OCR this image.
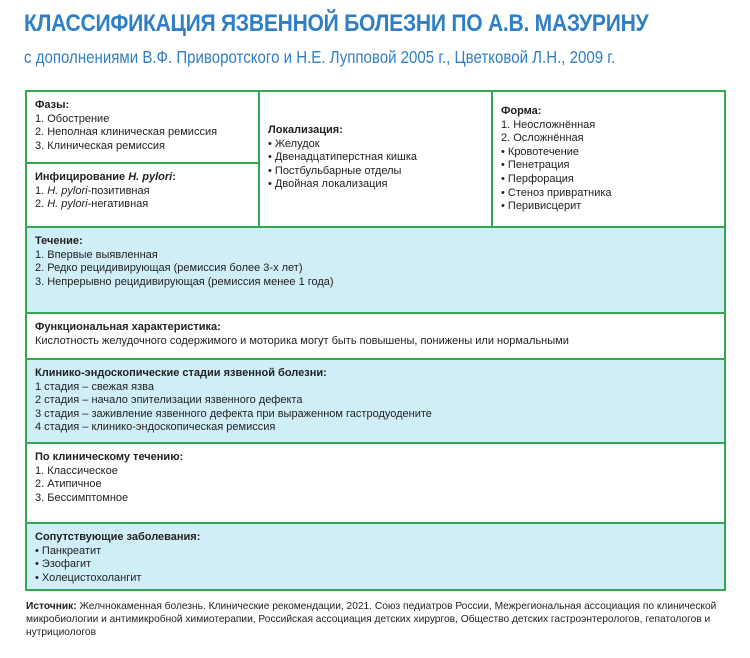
КЛАССИФИКАЦИЯ ЯЗВЕННОЙ БОЛЕЗНИ ПО А.В. МАЗУРИНУ
с дополнениями В.Ф. Приворотского и Н.Е. Лупповой 2005 г., Цветковой Л.Н., 2009 г.
Фазы:
1. Обострение
2. Неполная клиническая ремиссия
3. Клиническая ремиссия
Инфицирование H. pylori:
1. H. pylori-позитивная
2. H. pylori-негативная
Локализация:
• Желудок
• Двенадцатиперстная кишка
• Постбульбарные отделы
• Двойная локализация
Форма:
1. Неосложнённая
2. Осложнённая
• Кровотечение
• Пенетрация
• Перфорация
• Стеноз привратника
• Перивисцерит
Течение:
1. Впервые выявленная
2. Редко рецидивирующая (ремиссия более 3-х лет)
3. Непрерывно рецидивирующая (ремиссия менее 1 года)
Функциональная характеристика:
Кислотность желудочного содержимого и моторика могут быть повышены, понижены или нормальными
Клинико-эндоскопические стадии язвенной болезни:
1 стадия – свежая язва
2 стадия – начало эпителизации язвенного дефекта
3 стадия – заживление язвенного дефекта при выраженном гастродуодените
4 стадия – клинико-эндоскопическая ремиссия
По клиническому течению:
1. Классическое
2. Атипичное
3. Бессимптомное
Сопутствующие заболевания:
• Панкреатит
• Эзофагит
• Холецистохолангит
Источник: Желчнокаменная болезнь. Клинические рекомендации, 2021. Союз педиатров России, Межрегиональная ассоциация по клинической микробиологии и антимикробной химиотерапии, Российская ассоциация детских хирургов, Общество детских гастроэнтерологов, гепатологов и нутрициологов
